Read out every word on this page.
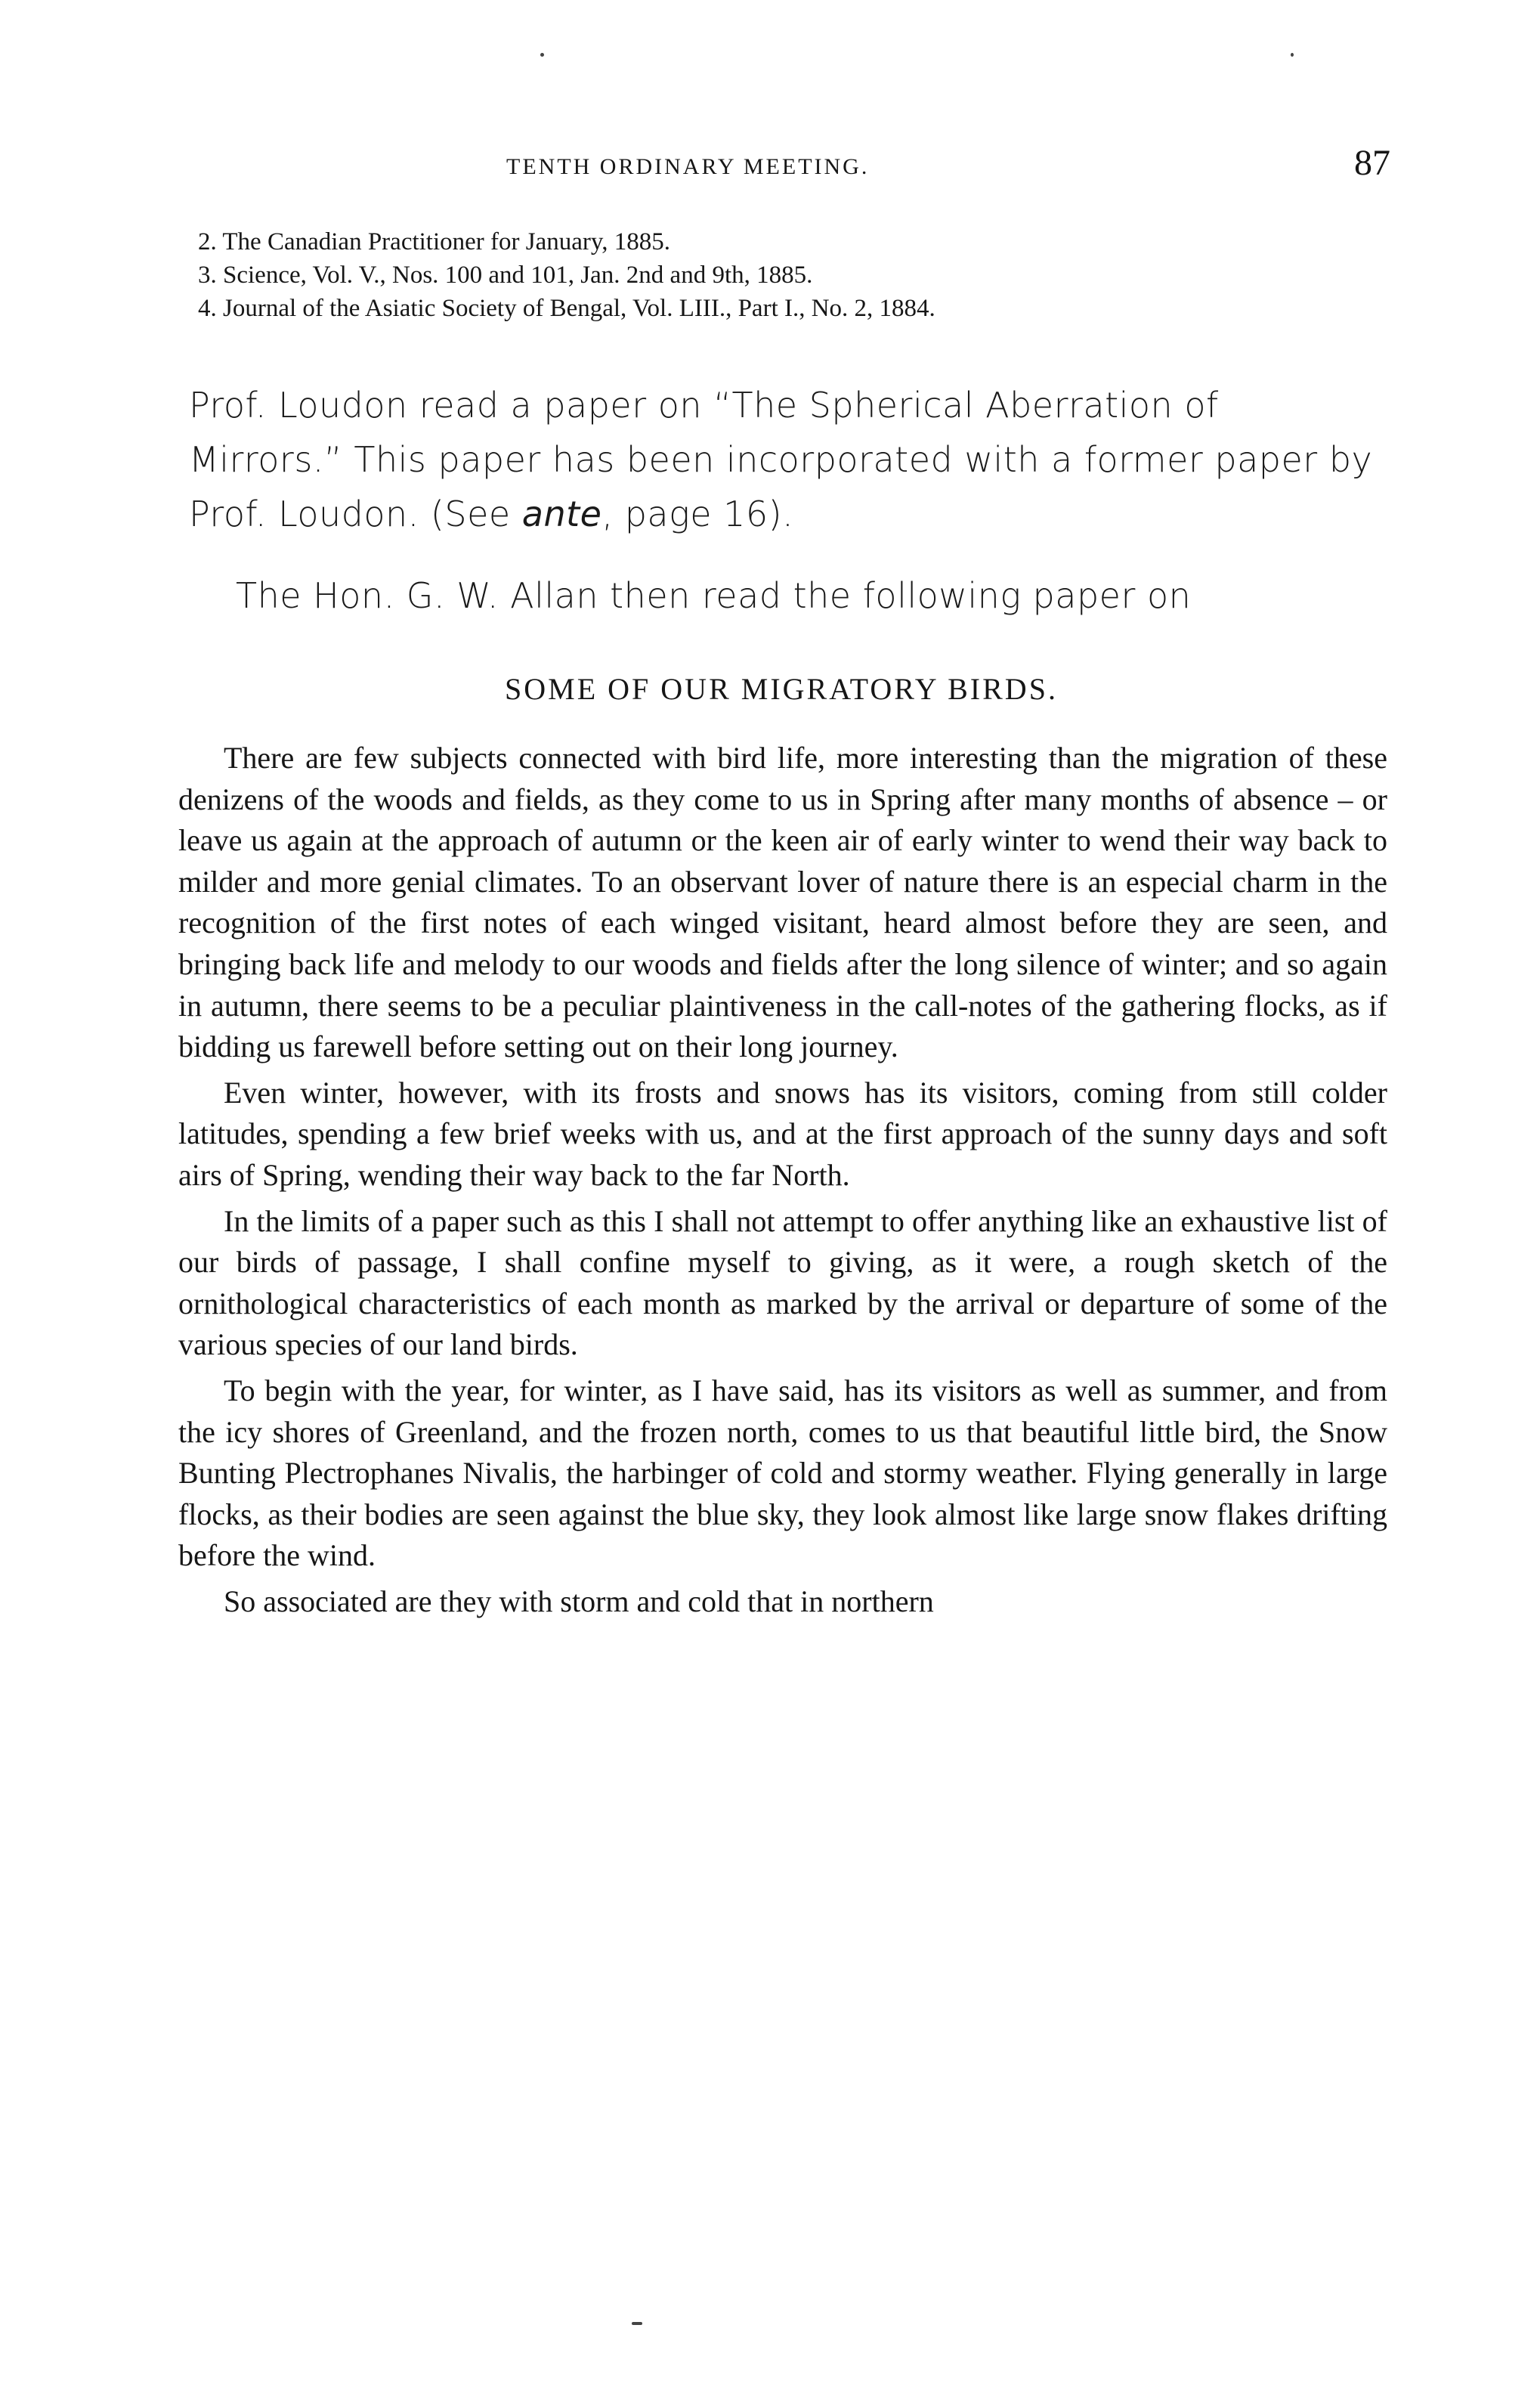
TENTH ORDINARY MEETING.	87
2. The Canadian Practitioner for January, 1885.
3. Science, Vol. V., Nos. 100 and 101, Jan. 2nd and 9th, 1885.
4. Journal of the Asiatic Society of Bengal, Vol. LIII., Part I., No. 2, 1884.
Prof. Loudon read a paper on “The Spherical Aberration of Mirrors.” This paper has been incorporated with a former paper by Prof. Loudon. (See ante, page 16).
The Hon. G. W. Allan then read the following paper on
SOME OF OUR MIGRATORY BIRDS.

There are few subjects connected with bird life, more interesting than the migration of these denizens of the woods and fields, as they come to us in Spring after many months of absence – or leave us again at the approach of autumn or the keen air of early winter to wend their way back to milder and more genial climates. To an observant lover of nature there is an especial charm in the recognition of the first notes of each winged visitant, heard almost before they are seen, and bringing back life and melody to our woods and fields after the long silence of winter; and so again in autumn, there seems to be a peculiar plaintiveness in the call-notes of the gathering flocks, as if bidding us farewell before setting out on their long journey.

Even winter, however, with its frosts and snows has its visitors, coming from still colder latitudes, spending a few brief weeks with us, and at the first approach of the sunny days and soft airs of Spring, wending their way back to the far North.

In the limits of a paper such as this I shall not attempt to offer anything like an exhaustive list of our birds of passage, I shall confine myself to giving, as it were, a rough sketch of the ornithological characteristics of each month as marked by the arrival or departure of some of the various species of our land birds.

To begin with the year, for winter, as I have said, has its visitors as well as summer, and from the icy shores of Greenland, and the frozen north, comes to us that beautiful little bird, the Snow Bunting Plectrophanes Nivalis, the harbinger of cold and stormy weather. Flying generally in large flocks, as their bodies are seen against the blue sky, they look almost like large snow flakes drifting before the wind.

So associated are they with storm and cold that in northern
